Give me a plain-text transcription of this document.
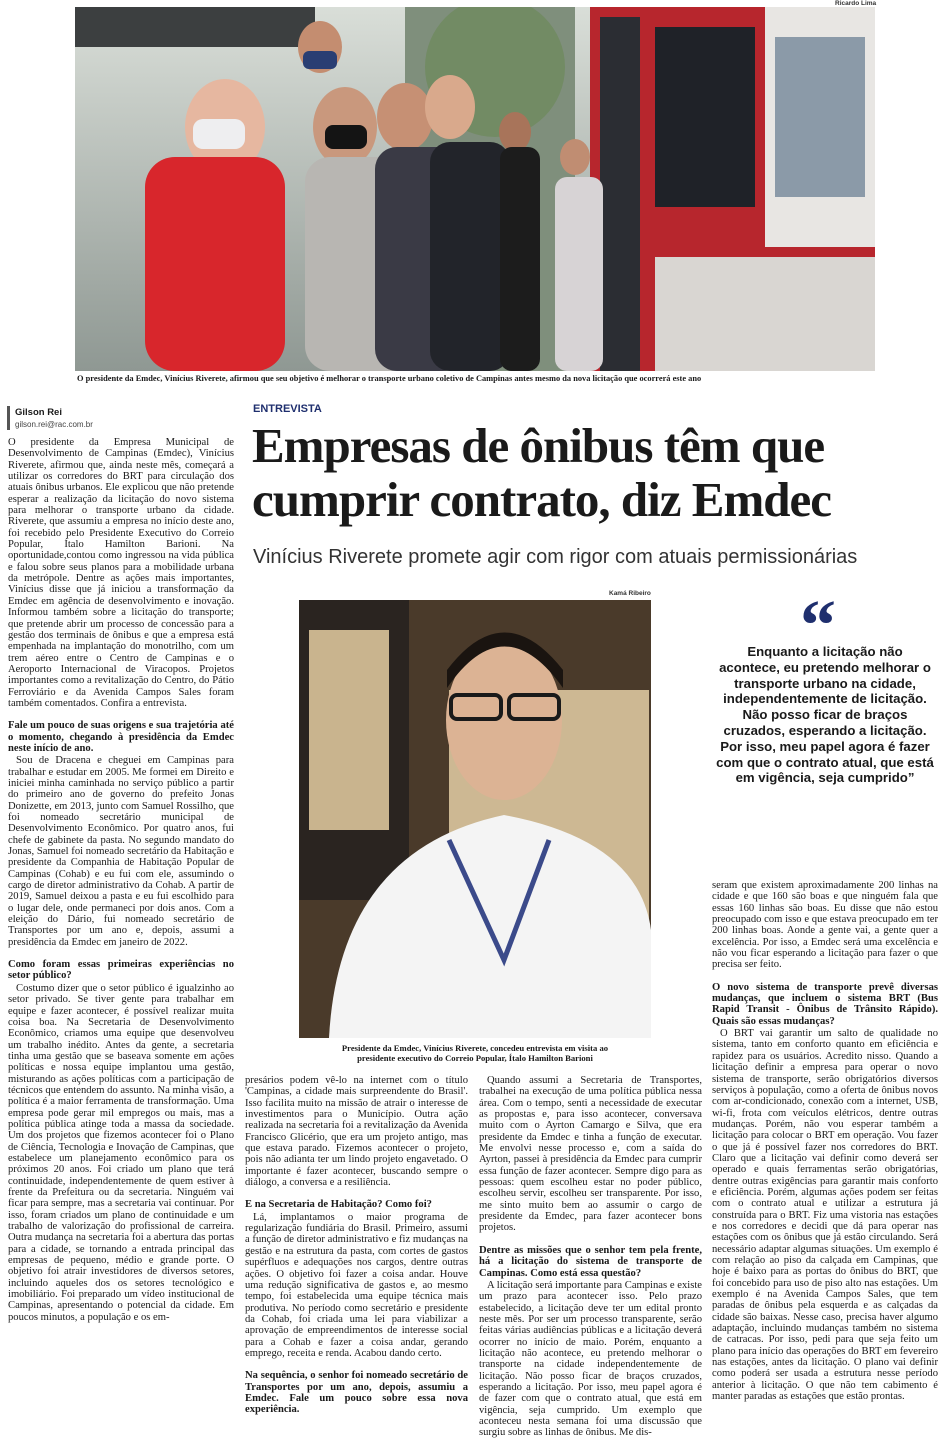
Ricardo Lima
O presidente da Emdec, Vinícius Riverete, afirmou que seu objetivo é melhorar o transporte urbano coletivo de Campinas antes mesmo da nova licitação que ocorrerá este ano
Gilson Rei
gilson.rei@rac.com.br
ENTREVISTA
Empresas de ônibus têm que
cumprir contrato, diz Emdec
Vinícius Riverete promete agir com rigor com atuais permissionárias
Kamá Ribeiro
Presidente da Emdec, Vinícius Riverete, concedeu entrevista em visita ao
presidente executivo do Correio Popular, Ítalo Hamilton Barioni
“
Enquanto a licitação não acontece, eu pretendo melhorar o transporte urbano na cidade, independentemente de licitação. Não posso ficar de braços cruzados, esperando a licitação. Por isso, meu papel agora é fazer com que o contrato atual, que está em vigência, seja cumprido”

O presidente da Empresa Municipal de Desenvolvimento de Campinas (Emdec), Vinícius Riverete, afirmou que, ainda neste mês, começará a utilizar os corredores do BRT para circulação dos atuais ônibus urbanos. Ele explicou que não pretende esperar a realização da licitação do novo sistema para melhorar o transporte urbano da cidade. Riverete, que assumiu a empresa no início deste ano, foi recebido pelo Presidente Executivo do Correio Popular, Ítalo Hamilton Barioni. Na oportunidade,contou como ingressou na vida pública e falou sobre seus planos para a mobilidade urbana da metrópole. Dentre as ações mais importantes, Vinícius disse que já iniciou a transformação da Emdec em agência de desenvolvimento e inovação. Informou também sobre a licitação do transporte; que pretende abrir um processo de concessão para a gestão dos terminais de ônibus e que a empresa está empenhada na implantação do monotrilho, com um trem aéreo entre o Centro de Campinas e o Aeroporto Internacional de Viracopos. Projetos importantes como a revitalização do Centro, do Pátio Ferroviário e da Avenida Campos Sales foram também comentados. Confira a entrevista.

Fale um pouco de suas origens e sua trajetória até o momento, chegando à presidência da Emdec neste início de ano.

Sou de Dracena e cheguei em Campinas para trabalhar e estudar em 2005. Me formei em Direito e iniciei minha caminhada no serviço público a partir do primeiro ano de governo do prefeito Jonas Donizette, em 2013, junto com Samuel Rossilho, que foi nomeado secretário municipal de Desenvolvimento Econômico. Por quatro anos, fui chefe de gabinete da pasta. No segundo mandato do Jonas, Samuel foi nomeado secretário da Habitação e presidente da Companhia de Habitação Popular de Campinas (Cohab) e eu fui com ele, assumindo o cargo de diretor administrativo da Cohab. A partir de 2019, Samuel deixou a pasta e eu fui escolhido para o lugar dele, onde permaneci por dois anos. Com a eleição do Dário, fui nomeado secretário de Transportes por um ano e, depois, assumi a presidência da Emdec em janeiro de 2022.

Como foram essas primeiras experiências no setor público?

Costumo dizer que o setor público é igualzinho ao setor privado. Se tiver gente para trabalhar em equipe e fazer acontecer, é possível realizar muita coisa boa. Na Secretaria de Desenvolvimento Econômico, criamos uma equipe que desenvolveu um trabalho inédito. Antes da gente, a secretaria tinha uma gestão que se baseava somente em ações políticas e nossa equipe implantou uma gestão, misturando as ações políticas com a participação de técnicos que entendem do assunto. Na minha visão, a política é a maior ferramenta de transformação. Uma empresa pode gerar mil empregos ou mais, mas a política pública atinge toda a massa da sociedade. Um dos projetos que fizemos acontecer foi o Plano de Ciência, Tecnologia e Inovação de Campinas, que estabelece um planejamento econômico para os próximos 20 anos. Foi criado um plano que terá continuidade, independentemente de quem estiver à frente da Prefeitura ou da secretaria. Ninguém vai ficar para sempre, mas a secretaria vai continuar. Por isso, foram criados um plano de continuidade e um trabalho de valorização do profissional de carreira. Outra mudança na secretaria foi a abertura das portas para a cidade, se tornando a entrada principal das empresas de pequeno, médio e grande porte. O objetivo foi atrair investidores de diversos setores, incluindo aqueles dos os setores tecnológico e imobiliário. Foi preparado um vídeo institucional de Campinas, apresentando o potencial da cidade. Em poucos minutos, a população e os em-

presários podem vê-lo na internet com o título 'Campinas, a cidade mais surpreendente do Brasil'. Isso facilita muito na missão de atrair o interesse de investimentos para o Município. Outra ação realizada na secretaria foi a revitalização da Avenida Francisco Glicério, que era um projeto antigo, mas que estava parado. Fizemos acontecer o projeto, pois não adianta ter um lindo projeto engavetado. O importante é fazer acontecer, buscando sempre o diálogo, a conversa e a resiliência.

E na Secretaria de Habitação? Como foi?

Lá, implantamos o maior programa de regularização fundiária do Brasil. Primeiro, assumi a função de diretor administrativo e fiz mudanças na gestão e na estrutura da pasta, com cortes de gastos supérfluos e adequações nos cargos, dentre outras ações. O objetivo foi fazer a coisa andar. Houve uma redução significativa de gastos e, ao mesmo tempo, foi estabelecida uma equipe técnica mais produtiva. No período como secretário e presidente da Cohab, foi criada uma lei para viabilizar a aprovação de empreendimentos de interesse social para a Cohab e fazer a coisa andar, gerando emprego, receita e renda. Acabou dando certo.

Na sequência, o senhor foi nomeado secretário de Transportes por um ano, depois, assumiu a Emdec. Fale um pouco sobre essa nova experiência.

Quando assumi a Secretaria de Transportes, trabalhei na execução de uma política pública nessa área. Com o tempo, senti a necessidade de executar as propostas e, para isso acontecer, conversava muito com o Ayrton Camargo e Silva, que era presidente da Emdec e tinha a função de executar. Me envolvi nesse processo e, com a saída do Ayrton, passei à presidência da Emdec para cumprir essa função de fazer acontecer. Sempre digo para as pessoas: quem escolheu estar no poder público, escolheu servir, escolheu ser transparente. Por isso, me sinto muito bem ao assumir o cargo de presidente da Emdec, para fazer acontecer bons projetos.

Dentre as missões que o senhor tem pela frente, há a licitação do sistema de transporte de Campinas. Como está essa questão?

A licitação será importante para Campinas e existe um prazo para acontecer isso. Pelo prazo estabelecido, a licitação deve ter um edital pronto neste mês. Por ser um processo transparente, serão feitas várias audiências públicas e a licitação deverá ocorrer no início de maio. Porém, enquanto a licitação não acontece, eu pretendo melhorar o transporte na cidade independentemente de licitação. Não posso ficar de braços cruzados, esperando a licitação. Por isso, meu papel agora é de fazer com que o contrato atual, que está em vigência, seja cumprido. Um exemplo que aconteceu nesta semana foi uma discussão que surgiu sobre as linhas de ônibus. Me dis-

seram que existem aproximadamente 200 linhas na cidade e que 160 são boas e que ninguém fala que essas 160 linhas são boas. Eu disse que não estou preocupado com isso e que estava preocupado em ter 200 linhas boas. Aonde a gente vai, a gente quer a excelência. Por isso, a Emdec será uma excelência e não vou ficar esperando a licitação para fazer o que precisa ser feito.

O novo sistema de transporte prevê diversas mudanças, que incluem o sistema BRT (Bus Rapid Transit - Ônibus de Trânsito Rápido). Quais são essas mudanças?

O BRT vai garantir um salto de qualidade no sistema, tanto em conforto quanto em eficiência e rapidez para os usuários. Acredito nisso. Quando a licitação definir a empresa para operar o novo sistema de transporte, serão obrigatórios diversos serviços à população, como a oferta de ônibus novos com ar-condicionado, conexão com a internet, USB, wi-fi, frota com veículos elétricos, dentre outras mudanças. Porém, não vou esperar também a licitação para colocar o BRT em operação. Vou fazer o que já é possível fazer nos corredores do BRT. Claro que a licitação vai definir como deverá ser operado e quais ferramentas serão obrigatórias, dentre outras exigências para garantir mais conforto e eficiência. Porém, algumas ações podem ser feitas com o contrato atual e utilizar a estrutura já construída para o BRT. Fiz uma vistoria nas estações e nos corredores e decidi que dá para operar nas estações com os ônibus que já estão circulando. Será necessário adaptar algumas situações. Um exemplo é com relação ao piso da calçada em Campinas, que hoje é baixo para as portas do ônibus do BRT, que foi concebido para uso de piso alto nas estações. Um exemplo é na Avenida Campos Sales, que tem paradas de ônibus pela esquerda e as calçadas da cidade são baixas. Nesse caso, precisa haver algumo adaptação, incluindo mudanças também no sistema de catracas. Por isso, pedi para que seja feito um plano para início das operações do BRT em fevereiro nas estações, antes da licitação. O plano vai definir como poderá ser usada a estrutura nesse período anterior à licitação. O que não tem cabimento é manter paradas as estações que estão prontas.
